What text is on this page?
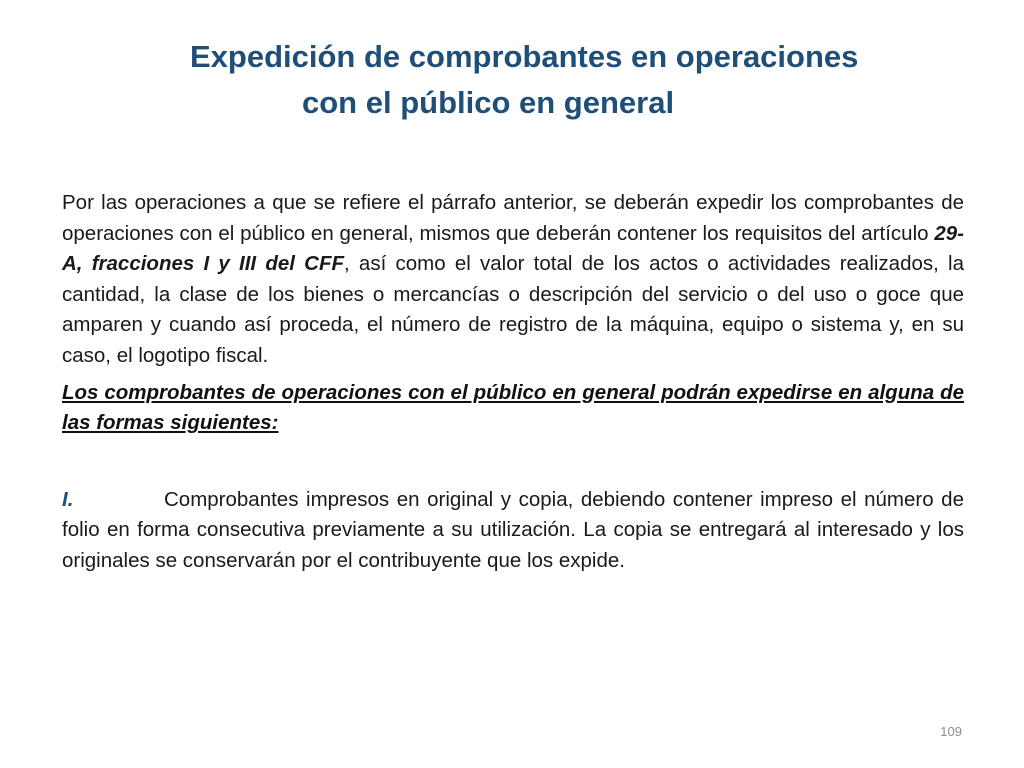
Expedición de comprobantes en operaciones
con el público en general

Por las operaciones a que se refiere el párrafo anterior, se deberán expedir los comprobantes de operaciones con el público en general, mismos que deberán contener los requisitos del artículo 29-A, fracciones I y III del CFF, así como el valor total de los actos o actividades realizados, la cantidad, la clase de los bienes o mercancías o descripción del servicio o del uso o goce que amparen y cuando así proceda, el número de registro de la máquina, equipo o sistema y, en su caso, el logotipo fiscal.

Los comprobantes de operaciones con el público en general podrán expedirse en alguna de las formas siguientes:

I.	Comprobantes impresos en original y copia, debiendo contener impreso el número de folio en forma consecutiva previamente a su utilización. La copia se entregará al interesado y los originales se conservarán por el contribuyente que los expide.

109
